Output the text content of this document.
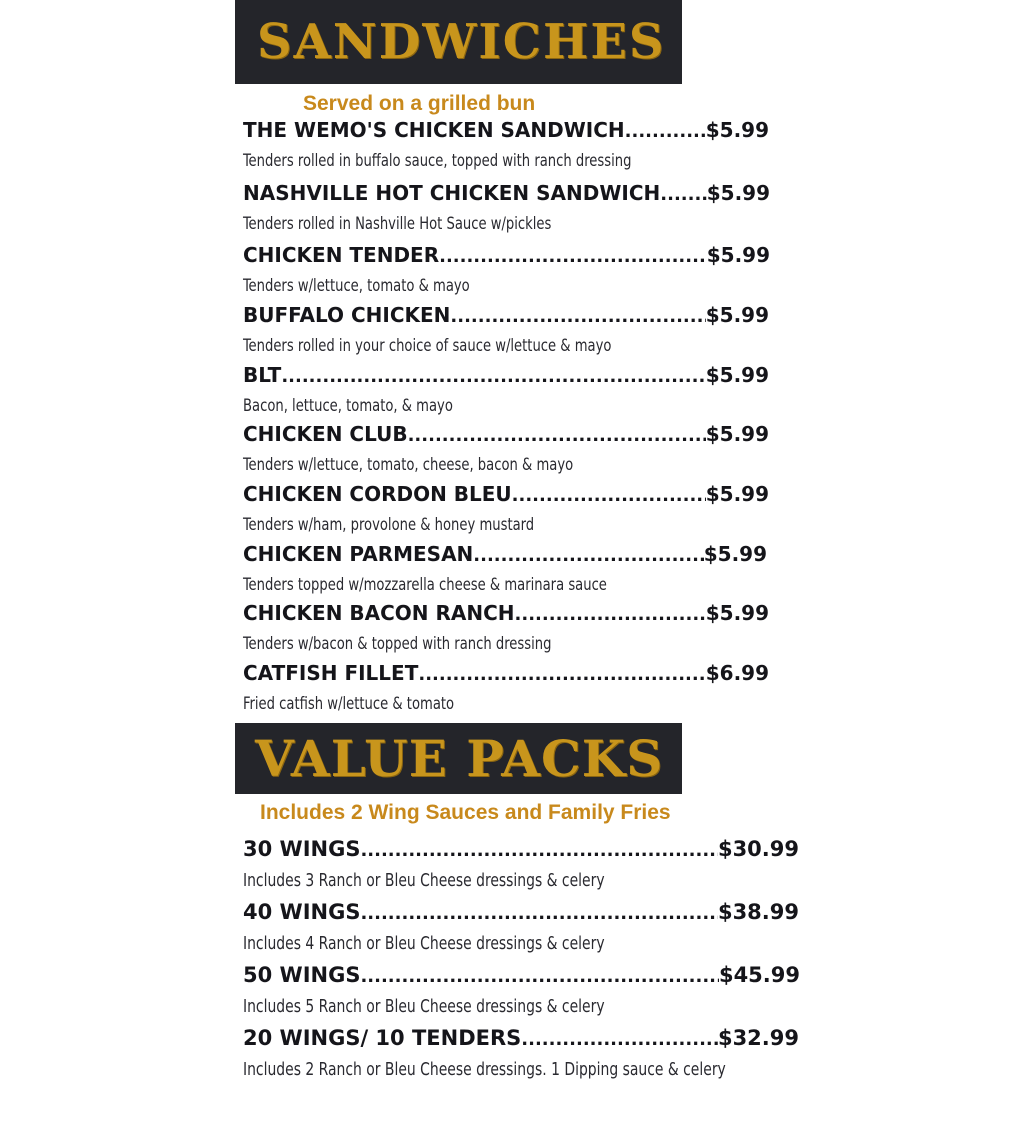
SANDWICHES
Served on a grilled bun
THE WEMO'S CHICKEN SANDWICH .....	$5.99
Tenders rolled in buffalo sauce, topped with ranch dressing
NASHVILLE HOT CHICKEN SANDWICH ..... $5.99
Tenders rolled in Nashville Hot Sauce w/pickles
CHICKEN TENDER .....	$5.99
Tenders w/lettuce, tomato & mayo
BUFFALO CHICKEN .....	$5.99
Tenders rolled in your choice of sauce w/lettuce & mayo
BLT .....	$5.99
Bacon, lettuce, tomato, & mayo
CHICKEN CLUB .....	$5.99
Tenders w/lettuce, tomato, cheese, bacon & mayo
CHICKEN CORDON BLEU .....	$5.99
Tenders w/ham, provolone & honey mustard
CHICKEN PARMESAN .....	$5.99
Tenders topped w/mozzarella cheese & marinara sauce
CHICKEN BACON RANCH .....	$5.99
Tenders w/bacon & topped with ranch dressing
CATFISH FILLET .....	$6.99
Fried catfish w/lettuce & tomato
VALUE PACKS
Includes 2 Wing Sauces and Family Fries
30 WINGS .....	$30.99
Includes 3 Ranch or Bleu Cheese dressings & celery
40 WINGS .....	$38.99
Includes 4 Ranch or Bleu Cheese dressings & celery
50 WINGS .....	$45.99
Includes 5 Ranch or Bleu Cheese dressings & celery
20 WINGS/ 10 TENDERS .....	$32.99
Includes 2 Ranch or Bleu Cheese dressings. 1 Dipping sauce & celery
